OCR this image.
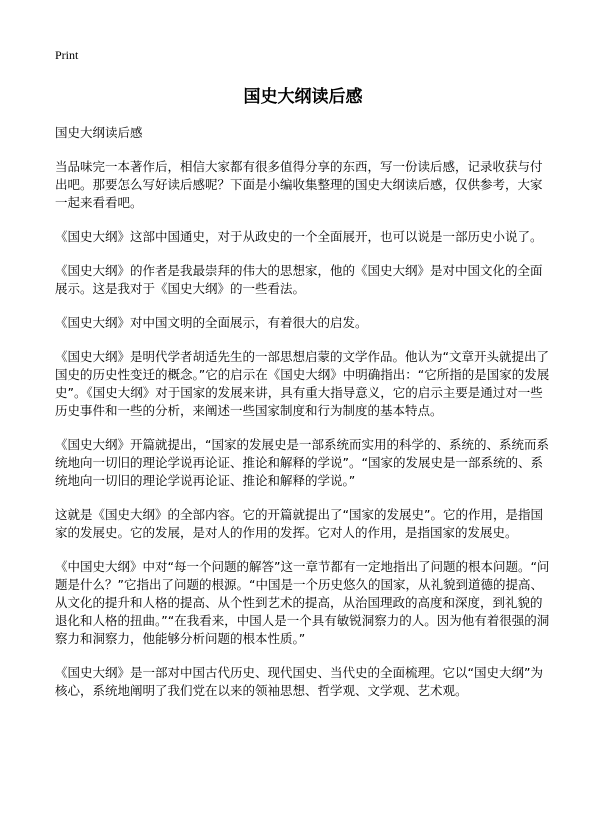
Print
国史大纲读后感
国史大纲读后感

当品味完一本著作后，相信大家都有很多值得分享的东西，写一份读后感，记录收获与付出吧。那要怎么写好读后感呢？下面是小编收集整理的国史大纲读后感，仅供参考，大家一起来看看吧。

《国史大纲》这部中国通史，对于从政史的一个全面展开，也可以说是一部历史小说了。

《国史大纲》的作者是我最崇拜的伟大的思想家，他的《国史大纲》是对中国文化的全面展示。这是我对于《国史大纲》的一些看法。

《国史大纲》对中国文明的全面展示，有着很大的启发。

《国史大纲》是明代学者胡适先生的一部思想启蒙的文学作品。他认为“文章开头就提出了国史的历史性变迁的概念。”它的启示在《国史大纲》中明确指出：“它所指的是国家的发展史”。《国史大纲》对于国家的发展来讲，具有重大指导意义，它的启示主要是通过对一些历史事件和一些的分析，来阐述一些国家制度和行为制度的基本特点。

《国史大纲》开篇就提出，“国家的发展史是一部系统而实用的科学的、系统的、系统而系统地向一切旧的理论学说再论证、推论和解释的学说”。“国家的发展史是一部系统的、系统地向一切旧的理论学说再论证、推论和解释的学说。”

这就是《国史大纲》的全部内容。它的开篇就提出了“国家的发展史”。它的作用，是指国家的发展史。它的发展，是对人的作用的发挥。它对人的作用，是指国家的发展史。

《中国史大纲》中对“每一个问题的解答”这一章节都有一定地指出了问题的根本问题。“问题是什么？”它指出了问题的根源。“中国是一个历史悠久的国家，从礼貌到道德的提高、从文化的提升和人格的提高、从个性到艺术的提高，从治国理政的高度和深度，到礼貌的退化和人格的扭曲。”“在我看来，中国人是一个具有敏锐洞察力的人。因为他有着很强的洞察力和洞察力，他能够分析问题的根本性质。”

《国史大纲》是一部对中国古代历史、现代国史、当代史的全面梳理。它以“国史大纲”为核心，系统地阐明了我们党在以来的领袖思想、哲学观、文学观、艺术观。
